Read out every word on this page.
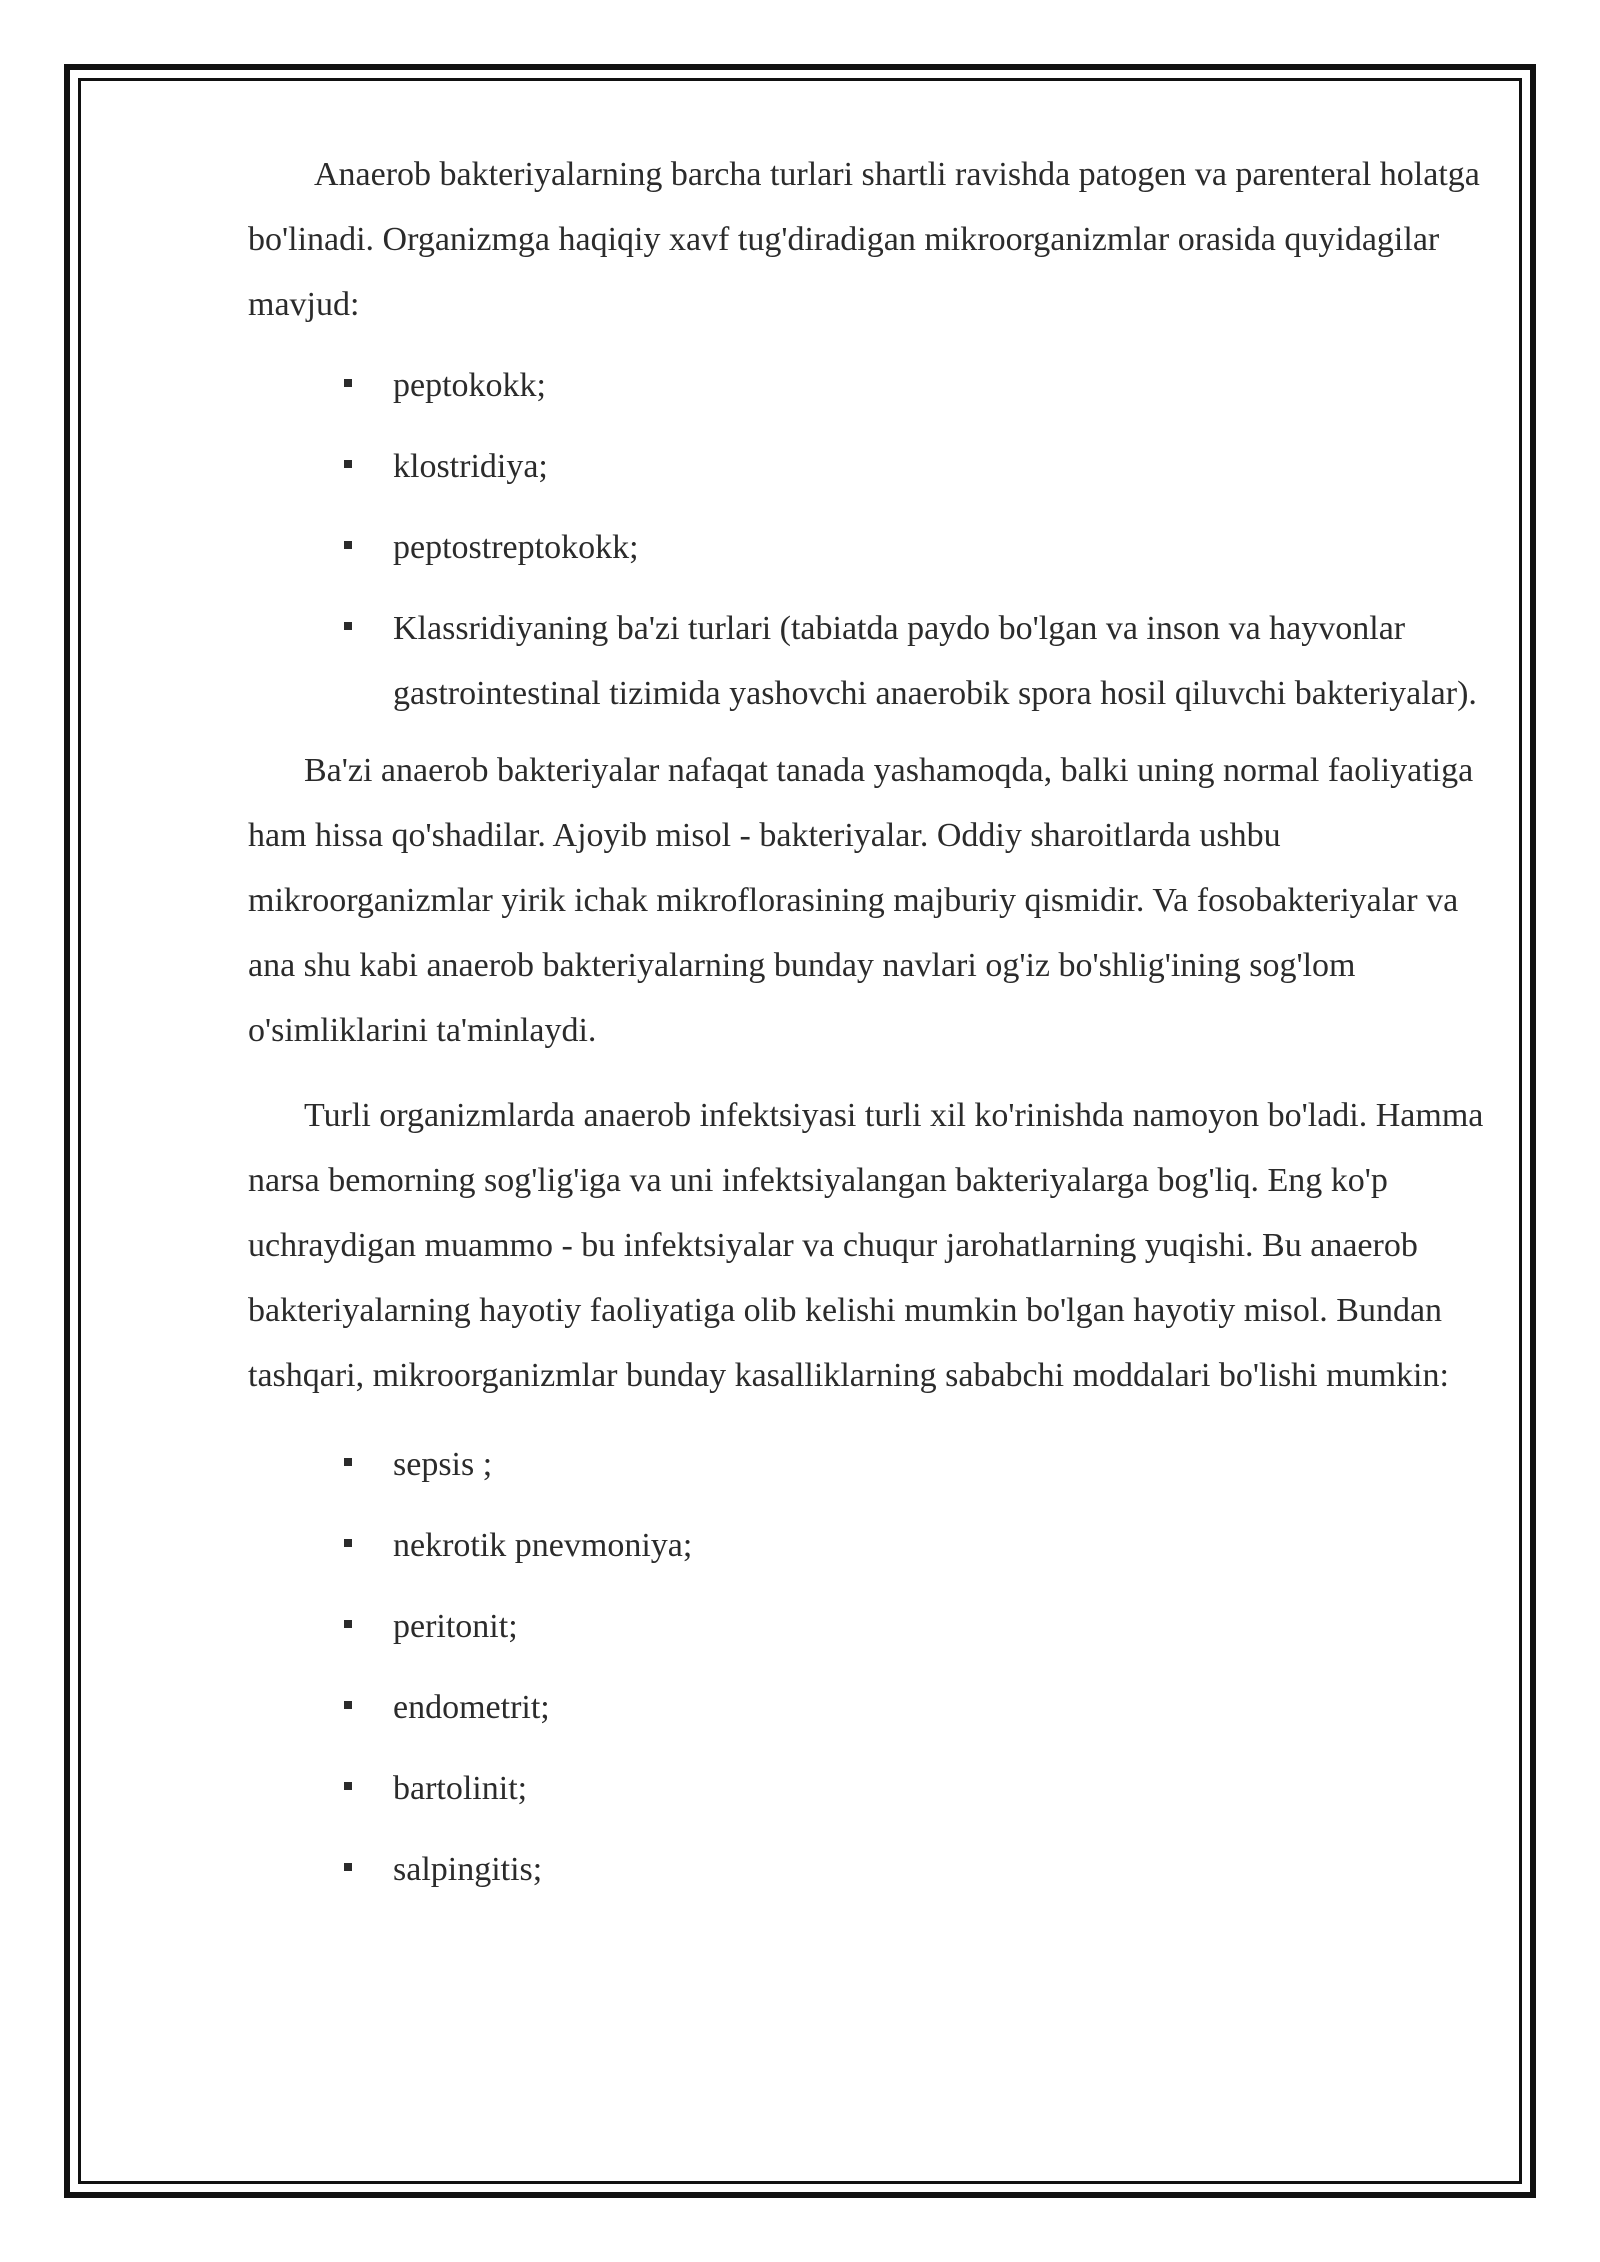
Anaerob bakteriyalarning barcha turlari shartli ravishda patogen va parenteral holatga bo'linadi. Organizmga haqiqiy xavf tug'diradigan mikroorganizmlar orasida quyidagilar mavjud:

peptokokk;
klostridiya;
peptostreptokokk;
Klassridiyaning ba'zi turlari (tabiatda paydo bo'lgan va inson va hayvonlar gastrointestinal tizimida yashovchi anaerobik spora hosil qiluvchi bakteriyalar).

Ba'zi anaerob bakteriyalar nafaqat tanada yashamoqda, balki uning normal faoliyatiga ham hissa qo'shadilar. Ajoyib misol - bakteriyalar. Oddiy sharoitlarda ushbu mikroorganizmlar yirik ichak mikroflorasining majburiy qismidir. Va fosobakteriyalar va ana shu kabi anaerob bakteriyalarning bunday navlari og'iz bo'shlig'ining sog'lom o'simliklarini ta'minlaydi.

Turli organizmlarda anaerob infektsiyasi turli xil ko'rinishda namoyon bo'ladi. Hamma narsa bemorning sog'lig'iga va uni infektsiyalangan bakteriyalarga bog'liq. Eng ko'p uchraydigan muammo - bu infektsiyalar va chuqur jarohatlarning yuqishi. Bu anaerob bakteriyalarning hayotiy faoliyatiga olib kelishi mumkin bo'lgan hayotiy misol. Bundan tashqari, mikroorganizmlar bunday kasalliklarning sababchi moddalari bo'lishi mumkin:

sepsis ;
nekrotik pnevmoniya;
peritonit;
endometrit;
bartolinit;
salpingitis;
